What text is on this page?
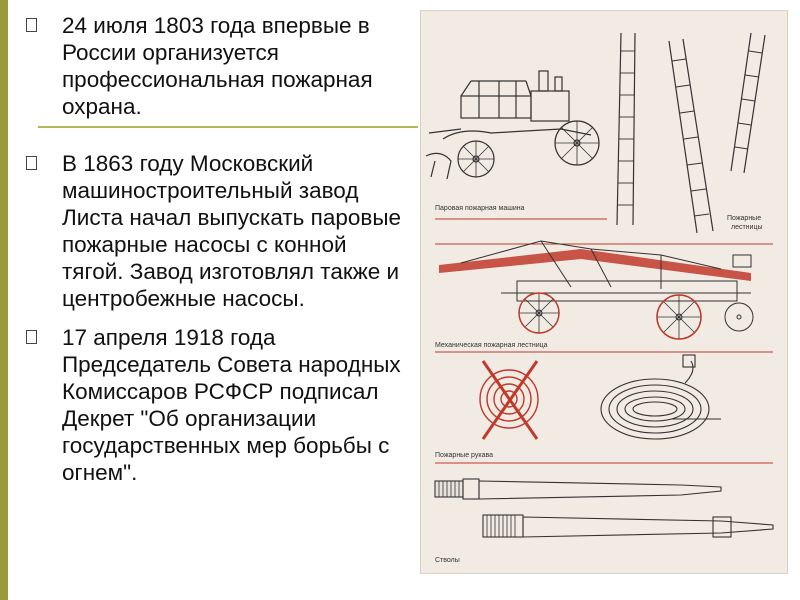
24 июля 1803 года впервые в России организуется профессиональная пожарная охрана.
В 1863 году Московский машиностроительный завод Листа начал выпускать паровые пожарные насосы с конной тягой. Завод изготовлял также и центробежные насосы.
17 апреля 1918 года Председатель Совета народных Комиссаров РСФСР подписал Декрет "Об организации государственных мер борьбы с огнем".
Паровая пожарная машина
Пожарные
лестницы
Механическая пожарная лестница
Пожарные рукава
Стволы
